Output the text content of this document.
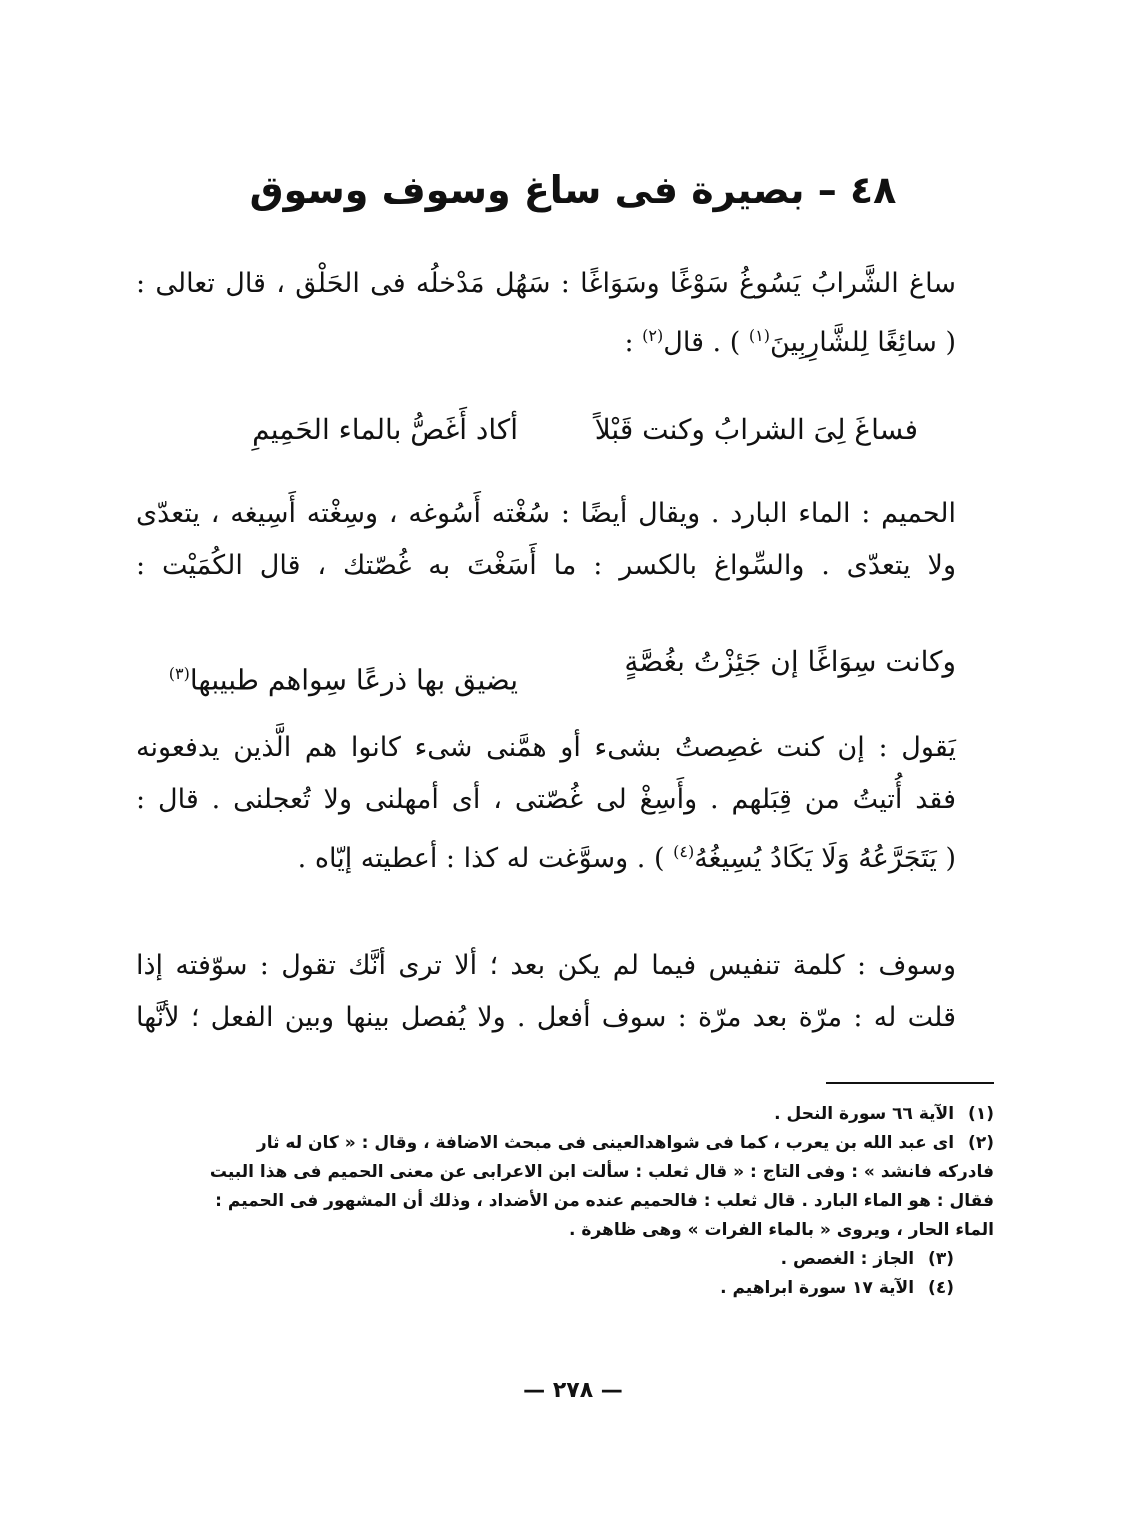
٤٨ – بصيرة فى ساغ وسوف وسوق
ساغ الشَّرابُ يَسُوغُ سَوْغًا وسَوَاغًا : سَهُل مَدْخلُه فى الحَلْق ، قال تعالى :
( سائِغًا لِلشَّارِبِينَ$^{(١)}$ ) . قال$^{(٢)}$ :
فساغَ لِىَ الشرابُ وكنت قَبْلاً
أكاد أَغَصُّ بالماء الحَمِيمِ
الحميم : الماء البارد . ويقال أيضًا : سُغْته أَسُوغه ، وسِغْته أَسِيغه ، يتعدّى
ولا يتعدّى . والسِّواغ بالكسر : ما أَسَغْتَ به غُصّتك ، قال الكُمَيْت :
وكانت سِوَاغًا إن جَئِزْتُ بغُصَّةٍ
يضيق بها ذرعًا سِواهم طبيبها$^{(٣)}$
يَقول : إن كنت غصِصتُ بشىء أو همَّنى شىء كانوا هم الَّذين يدفعونه
فقد أُتيتُ من قِبَلهم . وأَسِغْ لى غُصّتى ، أى أمهلنى ولا تُعجلنى . قال :
( يَتَجَرَّعُهُ وَلَا يَكَادُ يُسِيغُهُ$^{(٤)}$ ) . وسوَّغت له كذا : أعطيته إيّاه .
وسوف : كلمة تنفيس فيما لم يكن بعد ؛ ألا ترى أنَّك تقول : سوّفته إذا
قلت له : مرّة بعد مرّة : سوف أفعل . ولا يُفصل بينها وبين الفعل ؛ لأنَّها
(١)الآية ٦٦ سورة النحل .
(٢)اى عبد الله بن يعرب ، كما فى شواهدالعينى فى مبحث الاضافة ، وقال : « كان له ثار
فادركه فانشد » : وفى التاج : « قال ثعلب : سألت ابن الاعرابى عن معنى الحميم فى هذا البيت
فقال : هو الماء البارد . قال ثعلب : فالحميم عنده من الأضداد ، وذلك أن المشهور فى الحميم :
الماء الحار ، ويروى « بالماء الفرات » وهى ظاهرة .
(٣)الجاز : الغصص .
(٤)الآية ١٧ سورة ابراهيم .
— ٢٧٨ —
